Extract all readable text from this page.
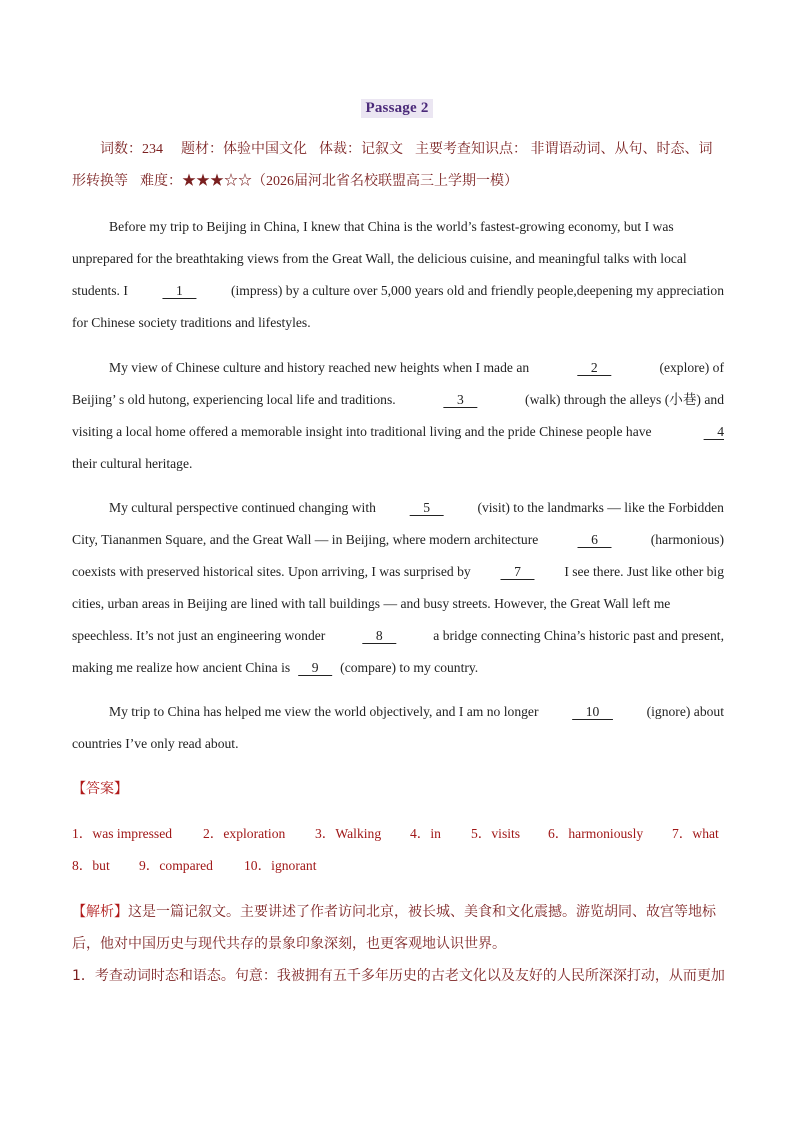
Passage 2
词数：234 题材：体验中国文化 体裁：记叙文 主要考查知识点： 非谓语动词、从句、时态、词
形转换等 难度：★★★☆☆（2026届河北省名校联盟高三上学期一模）
Before my trip to Beijing in China, I knew that China is the world’s fastest-growing economy, but I was
unprepared for the breathtaking views from the Great Wall, the delicious cuisine, and meaningful talks with local
students. I	1	(impress) by a culture over 5,000 years old and friendly people,deepening my appreciation
for Chinese society traditions and lifestyles.
My view of Chinese culture and history reached new heights when I made an	2	(explore) of
Beijing’ s old hutong, experiencing local life and traditions.	3	(walk) through the alleys (小巷) and
visiting a local home offered a memorable insight into traditional living and the pride Chinese people have	4
their cultural heritage.
My cultural perspective continued changing with 5 (visit) to the landmarks — like the Forbidden
City, Tiananmen Square, and the Great Wall — in Beijing, where modern architecture	6	(harmonious)
coexists with preserved historical sites. Upon arriving, I was surprised by 7 I see there. Just like other big
cities, urban areas in Beijing are lined with tall buildings — and busy streets. However, the Great Wall left me
speechless. It’s not just an engineering wonder	8	a bridge connecting China’s historic past and present,
making me realize how ancient China is 9 (compare) to my country.
My trip to China has helped me view the world objectively, and I am no longer 10 (ignore) about
countries I’ve only read about.
【答案】
1．was impressed 2．exploration 3．Walking 4．in 5．visits 6．harmoniously 7．what
8．but 9．compared 10．ignorant
【解析】这是一篇记叙文。主要讲述了作者访问北京，被长城、美食和文化震撼。游览胡同、故宫等地标
后，他对中国历史与现代共存的景象印象深刻，也更客观地认识世界。
1．考查动词时态和语态。句意：我被拥有五千多年历史的古老文化以及友好的人民所深深打动，从而更加
